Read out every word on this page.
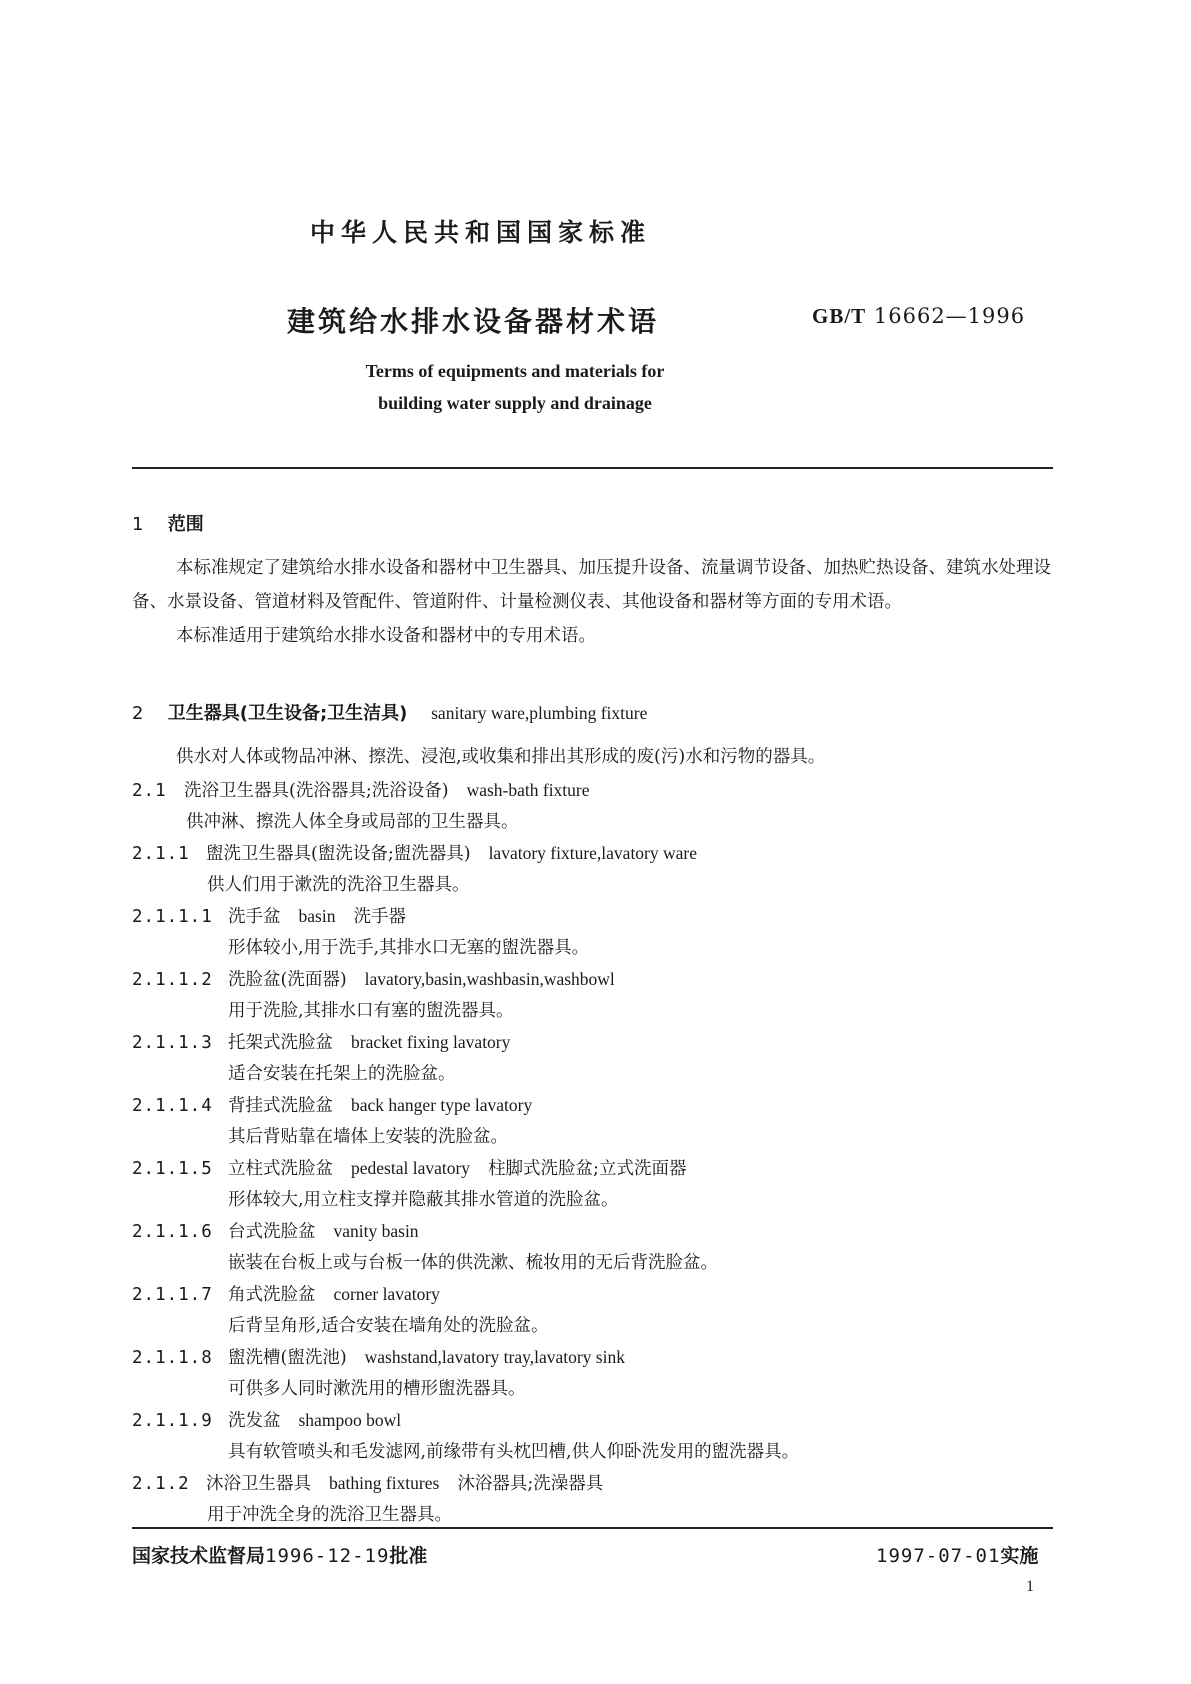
中华人民共和国国家标准
建筑给水排水设备器材术语	GB/T 16662—1996
Terms of equipments and materials for
building water supply and drainage
1 范围

本标准规定了建筑给水排水设备和器材中卫生器具、加压提升设备、流量调节设备、加热贮热设备、建筑水处理设备、水景设备、管道材料及管配件、管道附件、计量检测仪表、其他设备和器材等方面的专用术语。

本标准适用于建筑给水排水设备和器材中的专用术语。

2 卫生器具(卫生设备;卫生洁具) sanitary ware,plumbing fixture
供水对人体或物品冲淋、擦洗、浸泡,或收集和排出其形成的废(污)水和污物的器具。
2.1 洗浴卫生器具(洗浴器具;洗浴设备) wash-bath fixture
供冲淋、擦洗人体全身或局部的卫生器具。
2.1.1 盥洗卫生器具(盥洗设备;盥洗器具) lavatory fixture,lavatory ware
供人们用于漱洗的洗浴卫生器具。
2.1.1.1 洗手盆 basin 洗手器
形体较小,用于洗手,其排水口无塞的盥洗器具。
2.1.1.2 洗脸盆(洗面器) lavatory,basin,washbasin,washbowl
用于洗脸,其排水口有塞的盥洗器具。
2.1.1.3 托架式洗脸盆 bracket fixing lavatory
适合安装在托架上的洗脸盆。
2.1.1.4 背挂式洗脸盆 back hanger type lavatory
其后背贴靠在墙体上安装的洗脸盆。
2.1.1.5 立柱式洗脸盆 pedestal lavatory 柱脚式洗脸盆;立式洗面器
形体较大,用立柱支撑并隐蔽其排水管道的洗脸盆。
2.1.1.6 台式洗脸盆 vanity basin
嵌装在台板上或与台板一体的供洗漱、梳妆用的无后背洗脸盆。
2.1.1.7 角式洗脸盆 corner lavatory
后背呈角形,适合安装在墙角处的洗脸盆。
2.1.1.8 盥洗槽(盥洗池) washstand,lavatory tray,lavatory sink
可供多人同时漱洗用的槽形盥洗器具。
2.1.1.9 洗发盆 shampoo bowl
具有软管喷头和毛发滤网,前缘带有头枕凹槽,供人仰卧洗发用的盥洗器具。
2.1.2 沐浴卫生器具 bathing fixtures 沐浴器具;洗澡器具
用于冲洗全身的洗浴卫生器具。
国家技术监督局1996-12-19批准	1997-07-01实施
1
